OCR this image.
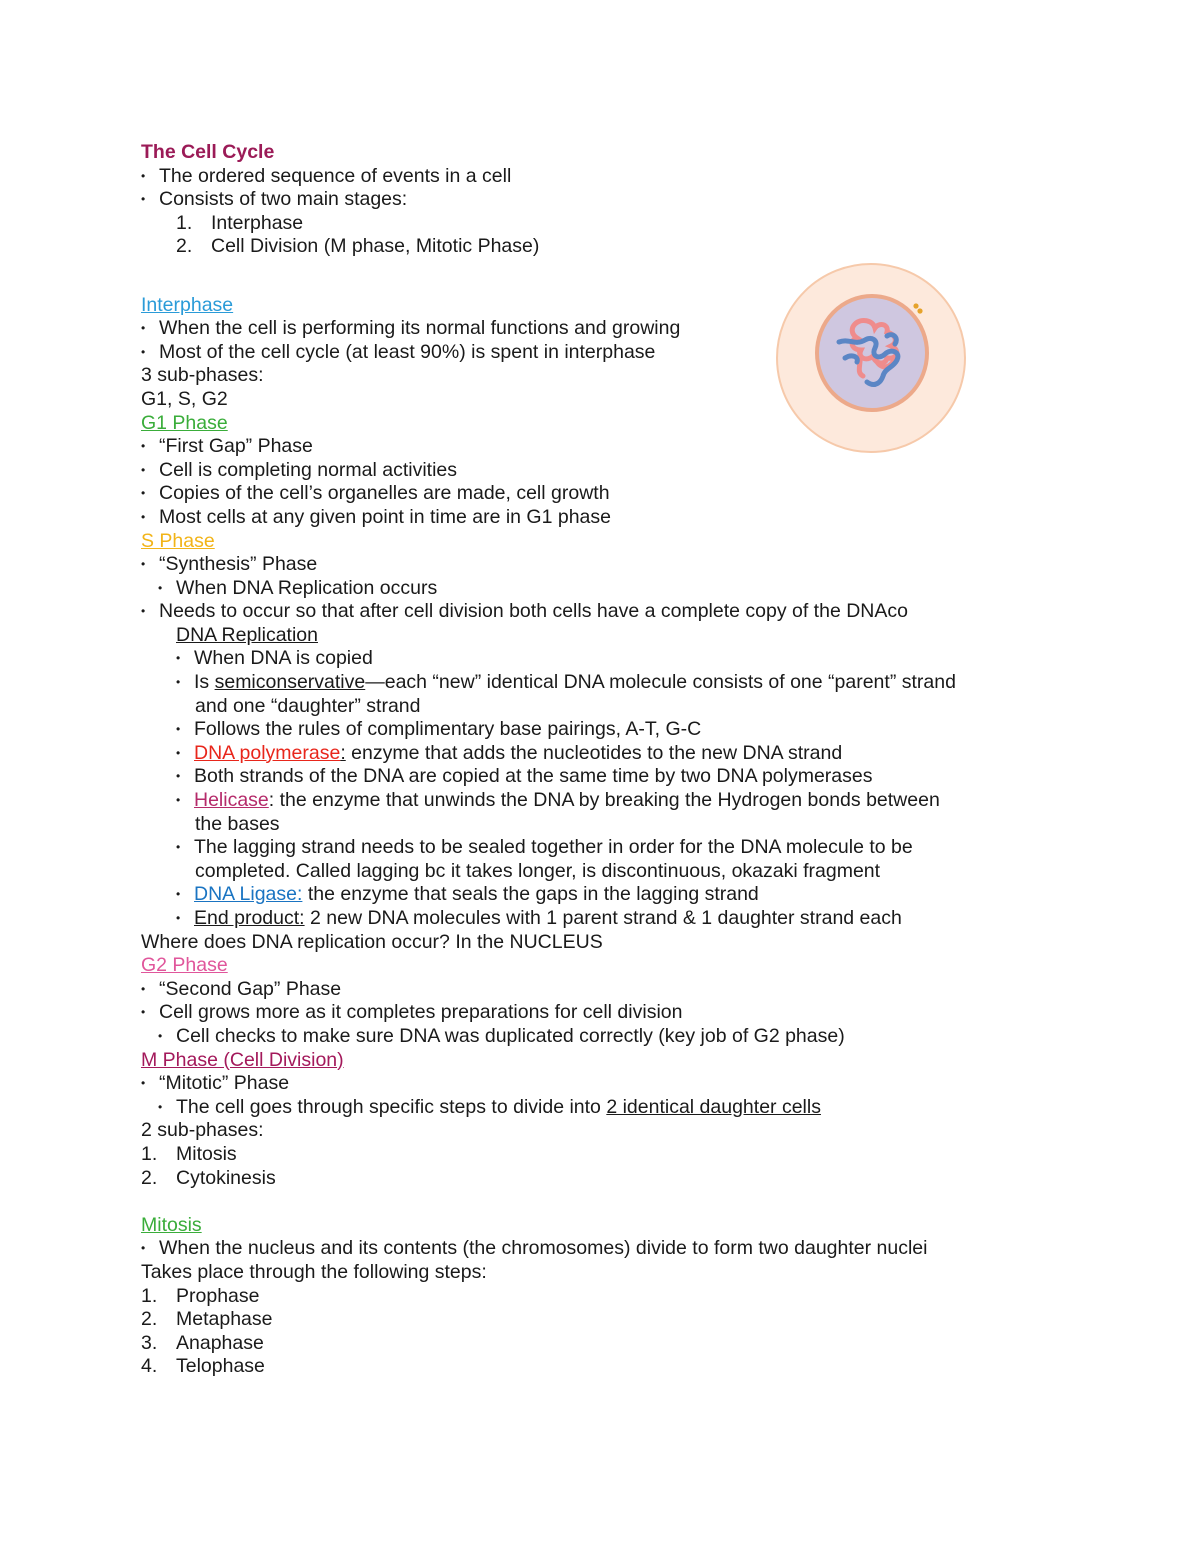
The Cell Cycle
• The ordered sequence of events in a cell
• Consists of two main stages:
1. Interphase
2. Cell Division (M phase, Mitotic Phase)
Interphase
• When the cell is performing its normal functions and growing
• Most of the cell cycle (at least 90%) is spent in interphase
3 sub-phases:
G1, S, G2
G1 Phase
• “First Gap” Phase
• Cell is completing normal activities
• Copies of the cell’s organelles are made, cell growth
• Most cells at any given point in time are in G1 phase
S Phase
• “Synthesis” Phase
• When DNA Replication occurs
• Needs to occur so that after cell division both cells have a complete copy of the DNAco
DNA Replication
• When DNA is copied
• Is semiconservative—each “new” identical DNA molecule consists of one “parent” strand
and one “daughter” strand
• Follows the rules of complimentary base pairings, A-T, G-C
• DNA polymerase: enzyme that adds the nucleotides to the new DNA strand
• Both strands of the DNA are copied at the same time by two DNA polymerases
• Helicase: the enzyme that unwinds the DNA by breaking the Hydrogen bonds between
the bases
• The lagging strand needs to be sealed together in order for the DNA molecule to be
completed. Called lagging bc it takes longer, is discontinuous, okazaki fragment
• DNA Ligase: the enzyme that seals the gaps in the lagging strand
• End product: 2 new DNA molecules with 1 parent strand & 1 daughter strand each
Where does DNA replication occur? In the NUCLEUS
G2 Phase
• “Second Gap” Phase
• Cell grows more as it completes preparations for cell division
• Cell checks to make sure DNA was duplicated correctly (key job of G2 phase)
M Phase (Cell Division)
• “Mitotic” Phase
• The cell goes through specific steps to divide into 2 identical daughter cells
2 sub-phases:
1. Mitosis
2. Cytokinesis
Mitosis
• When the nucleus and its contents (the chromosomes) divide to form two daughter nuclei
Takes place through the following steps:
1. Prophase
2. Metaphase
3. Anaphase
4. Telophase
